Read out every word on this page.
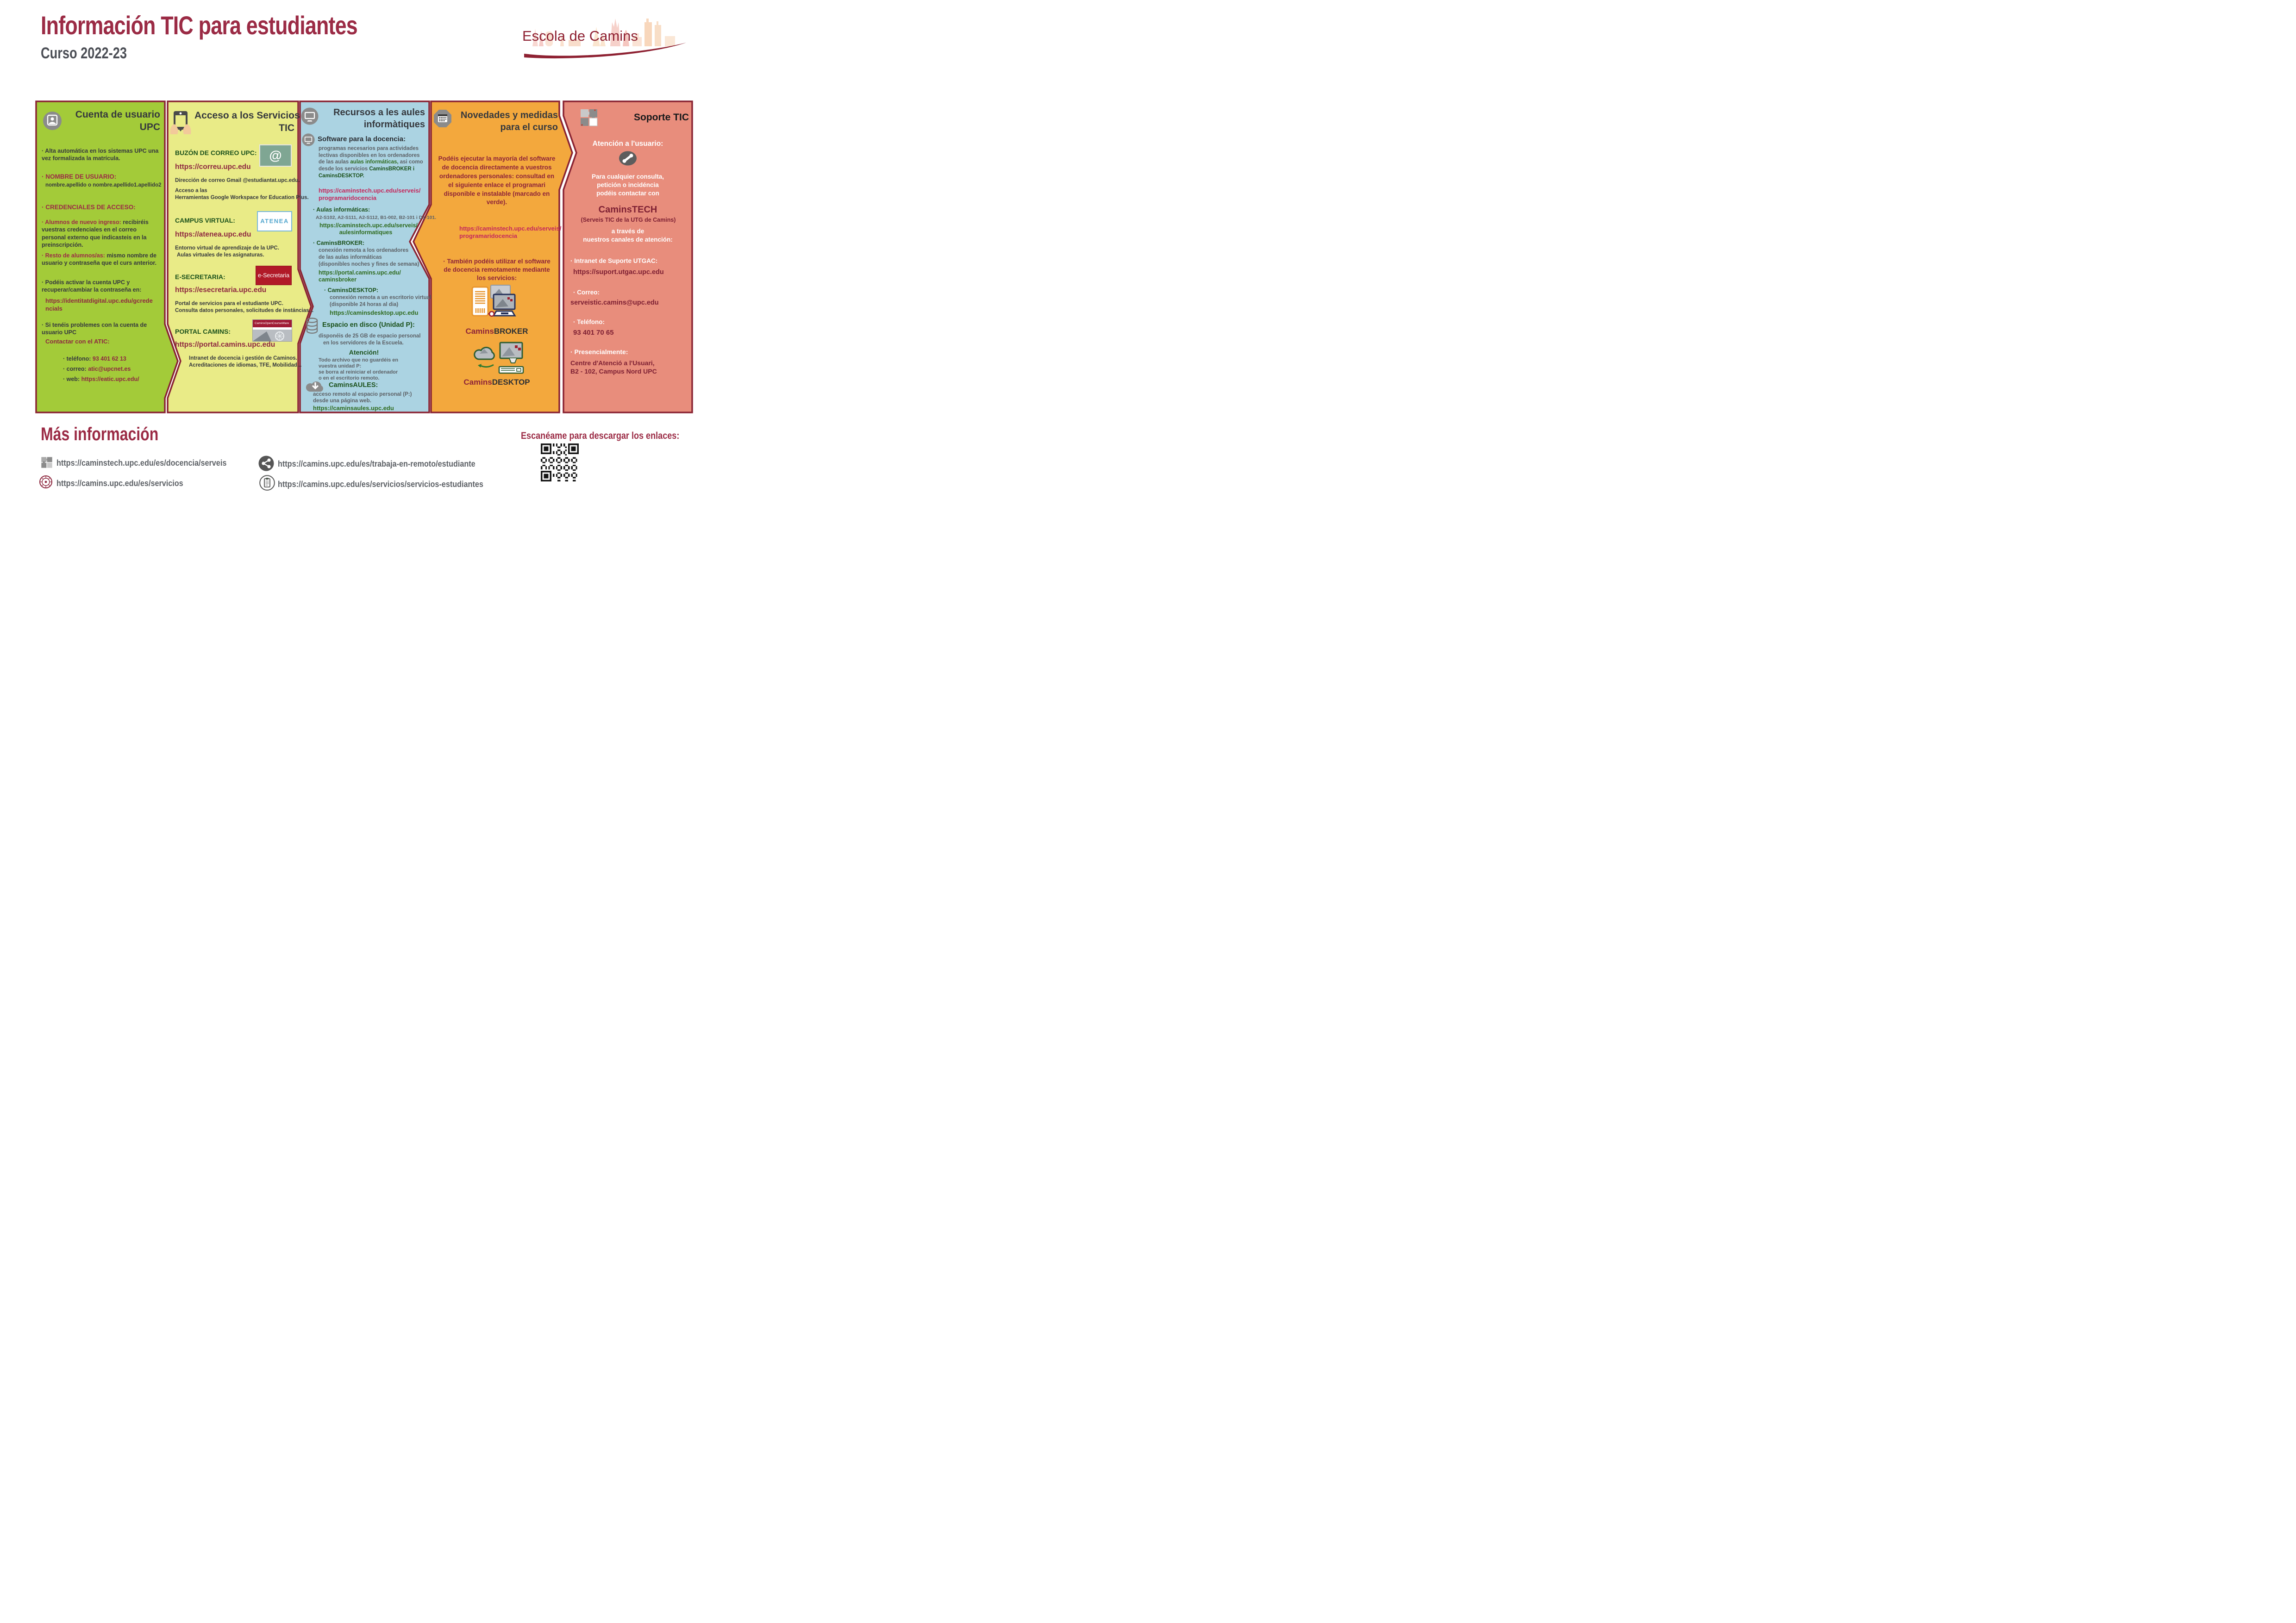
Información TIC para estudiantes
Curso 2022-23
Escola de Camins
Cuenta de usuario
UPC
· Alta automática en los sistemas UPC una vez formalizada la matrícula.
· NOMBRE DE USUARIO:
nombre.apellido o nombre.apellido1.apellido2
· CREDENCIALES DE ACCESO:
· Alumnos de nuevo ingreso: recibiréis vuestras credenciales en el correo personal externo que indicasteis en la preinscripción.
· Resto de alumnos/as: mismo nombre de usuario y contraseña que el curs anterior.
· Podéis activar la cuenta UPC y recuperar/cambiar la contraseña en:
https://identitatdigital.upc.edu/gcredencials
· Si tenéis problemes con la cuenta de usuario UPC
Contactar con el ATIC:
· teléfono: 93 401 62 13
· correo: atic@upcnet.es
· web: https://eatic.upc.edu/
Acceso a los Servicios
TIC
BUZÓN DE CORREO UPC: @
https://correu.upc.edu
Dirección de correo Gmail @estudiantat.upc.edu.
Acceso a las
Herramientas Google Workspace for Education Plus.
CAMPUS VIRTUAL:	ATENEA
https://atenea.upc.edu
Entorno virtual de aprendizaje de la UPC.
Aulas virtuales de les asignaturas.
E-SECRETARIA:	e-Secretaria
https://esecretaria.upc.edu
Portal de servicios para el estudiante UPC.
Consulta datos personales, solicitudes de instáncias...
PORTAL CAMINS:
CaminsOpenCourseWare
https://portal.camins.upc.edu
Intranet de docencia i gestión de Caminos.
Acreditaciones de idiomas, TFE, Mobilidad...
Recursos a les aules
informàtiques
Software para la docencia:
programas necesarios para actividades lectivas disponibles en los ordenadores de las aulas aulas informáticas, asi como desde los servicios CaminsBROKER i CaminsDESKTOP.
https://caminstech.upc.edu/serveis/
programaridocencia
· Aulas informáticas:
A2-S102, A2-S111, A2-S112, B1-002, B2-101 i D1-101.
https://caminstech.upc.edu/serveis/
aulesinformatiques
· CaminsBROKER:
conexión remota a los ordenadores
de las aulas informáticas
(disponibles noches y fines de semana)
https://portal.camins.upc.edu/
caminsbroker
· CaminsDESKTOP:
connexión remota a un escritorio virtual
(disponible 24 horas al dia)
https://caminsdesktop.upc.edu
Espacio en disco (Unidad P):
disponéis de 25 GB de espacio personal
en los servidores de la Escuela.
Atención!
Todo archivo que no guardéis en
vuestra unidad P:
se borra al reiniciar el ordenador
o en el escritorio remoto.
CaminsAULES:
acceso remoto al espacio personal (P:)
desde una página web.
https://caminsaules.upc.edu
Novedades y medidas
para el curso
Podéis ejecutar la mayoría del software de docencia directamente a vuestros ordenadores personales: consultad en el siguiente enlace el programari disponible e instalable (marcado en verde).
https://caminstech.upc.edu/serveis/
programaridocencia
· También podéis utilizar el software de docencia remotamente mediante los servicios:
CaminsBROKER
CaminsDESKTOP
Soporte TIC
Atención a l'usuario:
Para cualquier consulta,
petición o incidéncia
podéis contactar con
CaminsTECH
(Serveis TIC de la UTG de Camins)
a través de
nuestros canales de atención:
· Intranet de Suporte UTGAC:
https://suport.utgac.upc.edu
· Correo:
serveistic.camins@upc.edu
· Teléfono:
93 401 70 65
· Presencialmente:
Centre d'Atenció a l'Usuari,
B2 - 102, Campus Nord UPC
Más información
https://caminstech.upc.edu/es/docencia/serveis
https://camins.upc.edu/es/servicios
https://camins.upc.edu/es/trabaja-en-remoto/estudiante
https://camins.upc.edu/es/servicios/servicios-estudiantes
Escanéame para descargar los enlaces:
